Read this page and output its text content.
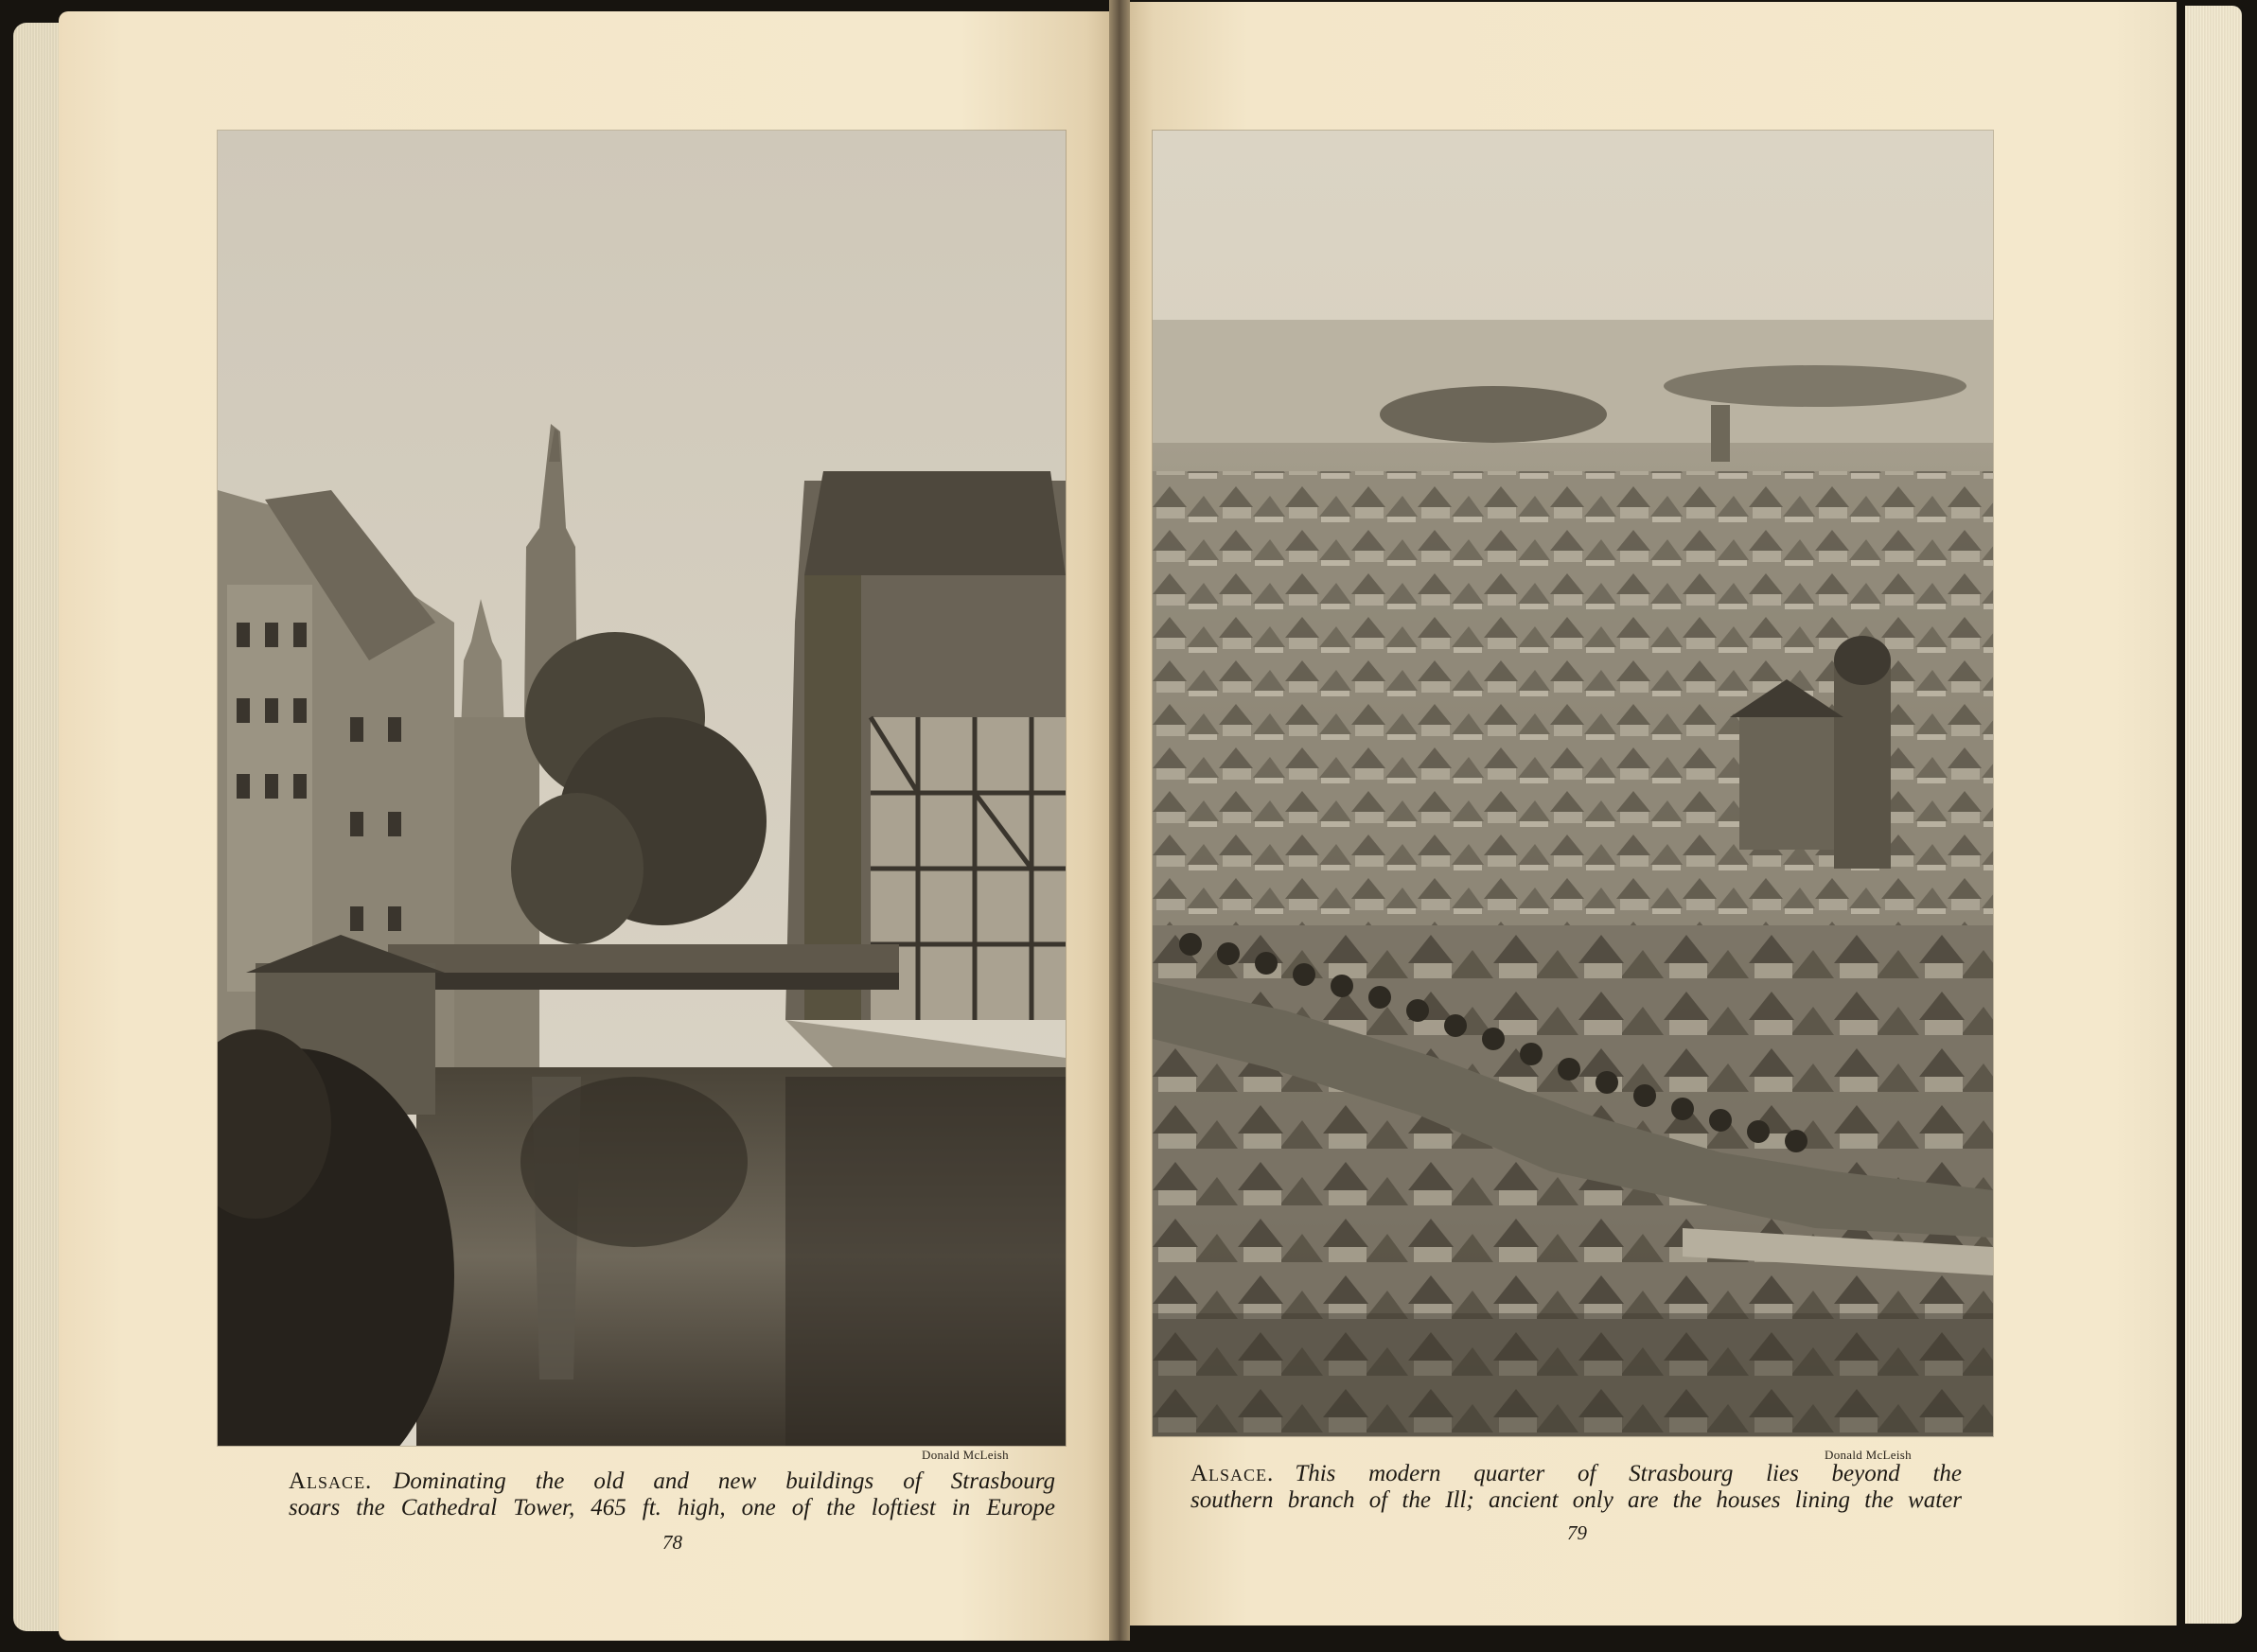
Donald McLeish	Donald McLeish
Alsace. Dominating the old and new buildings of Strasbourg
soars the Cathedral Tower, 465 ft. high, one of the loftiest in Europe
Alsace. This modern quarter of Strasbourg lies beyond the
southern branch of the Ill; ancient only are the houses lining the water
78	79
